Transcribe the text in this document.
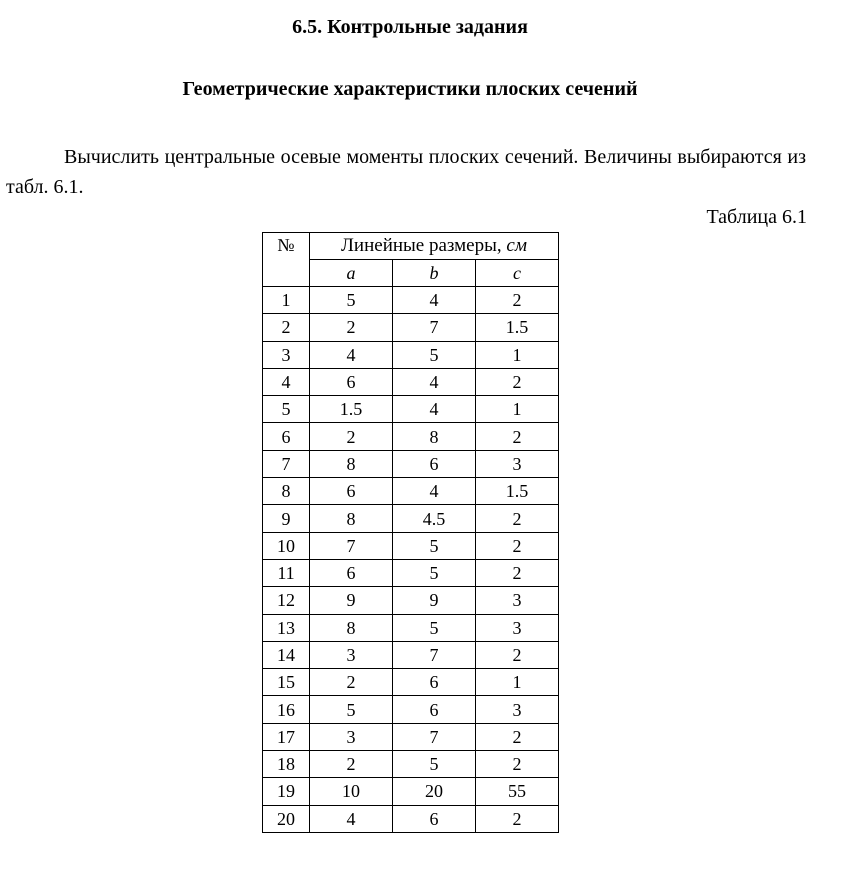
6.5. Контрольные задания
Геометрические характеристики плоских сечений
Вычислить центральные осевые моменты плоских сечений. Величины выбираются из табл. 6.1.
Таблица 6.1
№	Линейные размеры, см		
	a	b	c
1	5	4	2
2	2	7	1.5
3	4	5	1
4	6	4	2
5	1.5	4	1
6	2	8	2
7	8	6	3
8	6	4	1.5
9	8	4.5	2
10	7	5	2
11	6	5	2
12	9	9	3
13	8	5	3
14	3	7	2
15	2	6	1
16	5	6	3
17	3	7	2
18	2	5	2
19	10	20	55
20	4	6	2
